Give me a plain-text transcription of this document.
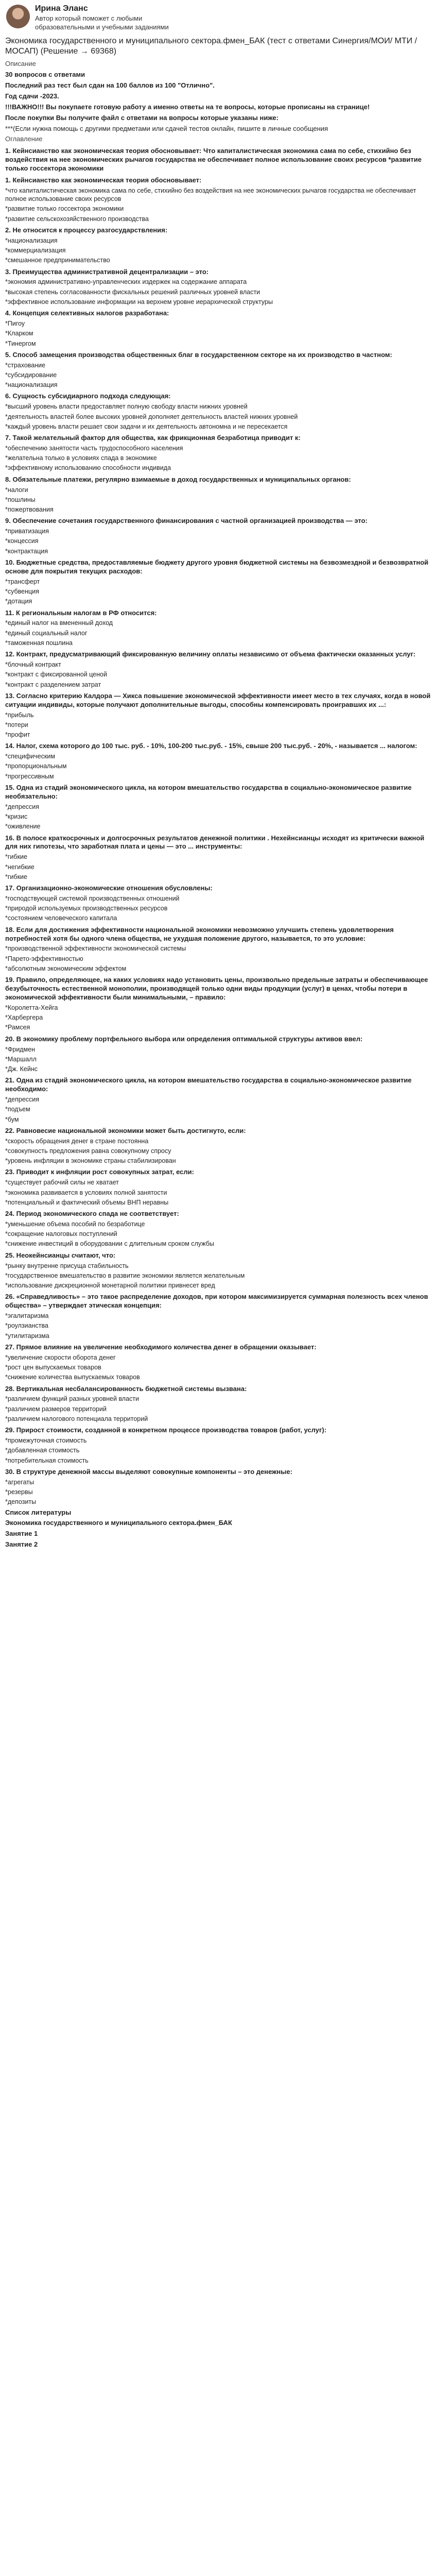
Ирина Эланс
Автор который поможет с любыми образовательными и учебными заданиями
Экономика государственного и муниципального сектора.фмен_БАК (тест с ответами Синергия/МОИ/ МТИ /МОСАП) (Решение → 69368)

Описание

30 вопросов с ответами

Последний раз тест был сдан на 100 баллов из 100 "Отлично".

Год сдачи -2023.

!!!ВАЖНО!!! Вы покупаете готовую работу а именно ответы на те вопросы, которые прописаны на странице!

После покупки Вы получите файл с ответами на вопросы которые указаны ниже:

***(Если нужна помощь с другими предметами или сдачей тестов онлайн, пишите в личные сообщения

Оглавление

1. Кейнсианство как экономическая теория обосновывает: Что капиталистическая экономика сама по себе, стихийно без воздействия на нее экономических рычагов государства не обеспечивает полное использование своих ресурсов *развитие только госсектора экономики

1. Кейнсианство как экономическая теория обосновывает:

*что капиталистическая экономика сама по себе, стихийно без воздействия на нее экономических рычагов государства не обеспечивает полное использование своих ресурсов

*развитие только госсектора экономики

*развитие сельскохозяйственного производства

2. Не относится к процессу разгосударствления:

*национализация

*коммерциализация

*смешанное предпринимательство

3. Преимущества административной децентрализации – это:

*экономия административно-управленческих издержек на содержание аппарата

*высокая степень согласованности фискальных решений различных уровней власти

*эффективное использование информации на верхнем уровне иерархической структуры

4. Концепция селективных налогов разработана:

*Пигоу

*Кларком

*Тинергом

5. Способ замещения производства общественных благ в государственном секторе на их производство в частном:

*страхование

*субсидирование

*национализация

6. Сущность субсидиарного подхода следующая:

*высший уровень власти предоставляет полную свободу власти нижних уровней

*деятельность властей более высоких уровней дополняет деятельность властей нижних уровней

*каждый уровень власти решает свои задачи и их деятельность автономна и не пересекается

7. Такой желательный фактор для общества, как фрикционная безработица приводит к:

*обеспечению занятости часть трудоспособного населения

*желательна только в условиях спада в экономике

*эффективному использованию способности индивида

8. Обязательные платежи, регулярно взимаемые в доход государственных и муниципальных органов:

*налоги

*пошлины

*пожертвования

9. Обеспечение сочетания государственного финансирования с частной организацией производства — это:

*приватизация

*концессия

*контрактация

10. Бюджетные средства, предоставляемые бюджету другого уровня бюджетной системы на безвозмездной и безвозвратной основе для покрытия текущих расходов:

*трансферт

*субвенция

*дотация

11. К региональным налогам в РФ относится:

*единый налог на вмененный доход

*единый социальный налог

*таможенная пошлина

12. Контракт, предусматривающий фиксированную величину оплаты независимо от объема фактически оказанных услуг:

*блочный контракт

*контракт с фиксированной ценой

*контракт с разделением затрат

13. Согласно критерию Калдора — Хикса повышение экономической эффективности имеет место в тех случаях, когда в новой ситуации индивиды, которые получают дополнительные выгоды, способны компенсировать проигравших их ...:

*прибыль

*потери

*профит

14. Налог, схема которого до 100 тыс. руб. - 10%, 100-200 тыс.руб. - 15%, свыше 200 тыс.руб. - 20%, - называется ... налогом:

*специфическим

*пропорциональным

*прогрессивным

15. Одна из стадий экономического цикла, на котором вмешательство государства в социально-экономическое развитие необязательно:

*депрессия

*кризис

*оживление

16. В полосе краткосрочных и долгосрочных результатов денежной политики . Нехейнсианцы исходят из критически важной для них гипотезы, что заработная плата и цены — это ... инструменты:

*гибкие

*негибкие

*гибкие

17. Организационно-экономические отношения обусловлены:

*господствующей системой производственных отношений

*природой используемых производственных ресурсов

*состоянием человеческого капитала

18. Если для достижения эффективности национальной экономики невозможно улучшить степень удовлетворения потребностей хотя бы одного члена общества, не ухудшая положение другого, называется, то это условие:

*производственной эффективности экономической системы

*Парето-эффективностью

*абсолютным экономическим эффектом

19. Правило, определяющее, на каких условиях надо установить цены, произвольно предельные затраты и обеспечивающее безубыточность естественной монополии, производящей только одни виды продукции (услуг) в ценах, чтобы потери в экономической эффективности были минимальными, – правило:

*Королетта-Хейга

*Харбергера

*Рамсея

20. В экономику проблему портфельного выбора или определения оптимальной структуры активов ввел:

*Фридмен

*Маршалл

*Дж. Кейнс

21. Одна из стадий экономического цикла, на котором вмешательство государства в социально-экономическое развитие необходимо:

*депрессия

*подъем

*бум

22. Равновесие национальной экономики может быть достигнуто, если:

*скорость обращения денег в стране постоянна

*совокупность предложения равна совокупному спросу

*уровень инфляции в экономике страны стабилизирован

23. Приводит к инфляции рост совокупных затрат, если:

*существует рабочий силы не хватает

*экономика развивается в условиях полной занятости

*потенциальный и фактический объемы ВНП неравны

24. Период экономического спада не соответствует:

*уменьшение объема пособий по безработице

*сокращение налоговых поступлений

*снижение инвестиций в оборудовании с длительным сроком службы

25. Неокейнсианцы считают, что:

*рынку внутренне присуща стабильность

*государственное вмешательство в развитие экономики является желательным

*использование дискреционной монетарной политики привнесет вред

26. «Справедливость» – это такое распределение доходов, при котором максимизируется суммарная полезность всех членов общества» – утверждает этическая концепция:

*эгалитаризма

*роулзианства

*утилитаризма

27. Прямое влияние на увеличение необходимого количества денег в обращении оказывает:

*увеличение скорости оборота денег

*рост цен выпускаемых товаров

*снижение количества выпускаемых товаров

28. Вертикальная несбалансированность бюджетной системы вызвана:

*различием функций разных уровней власти

*различием размеров территорий

*различием налогового потенциала территорий

29. Прирост стоимости, созданной в конкретном процессе производства товаров (работ, услуг):

*промежуточная стоимость

*добавленная стоимость

*потребительная стоимость

30. В структуре денежной массы выделяют совокупные компоненты – это денежные:

*агрегаты

*резервы

*депозиты

Список литературы

Экономика государственного и муниципального сектора.фмен_БАК

Занятие 1

Занятие 2
